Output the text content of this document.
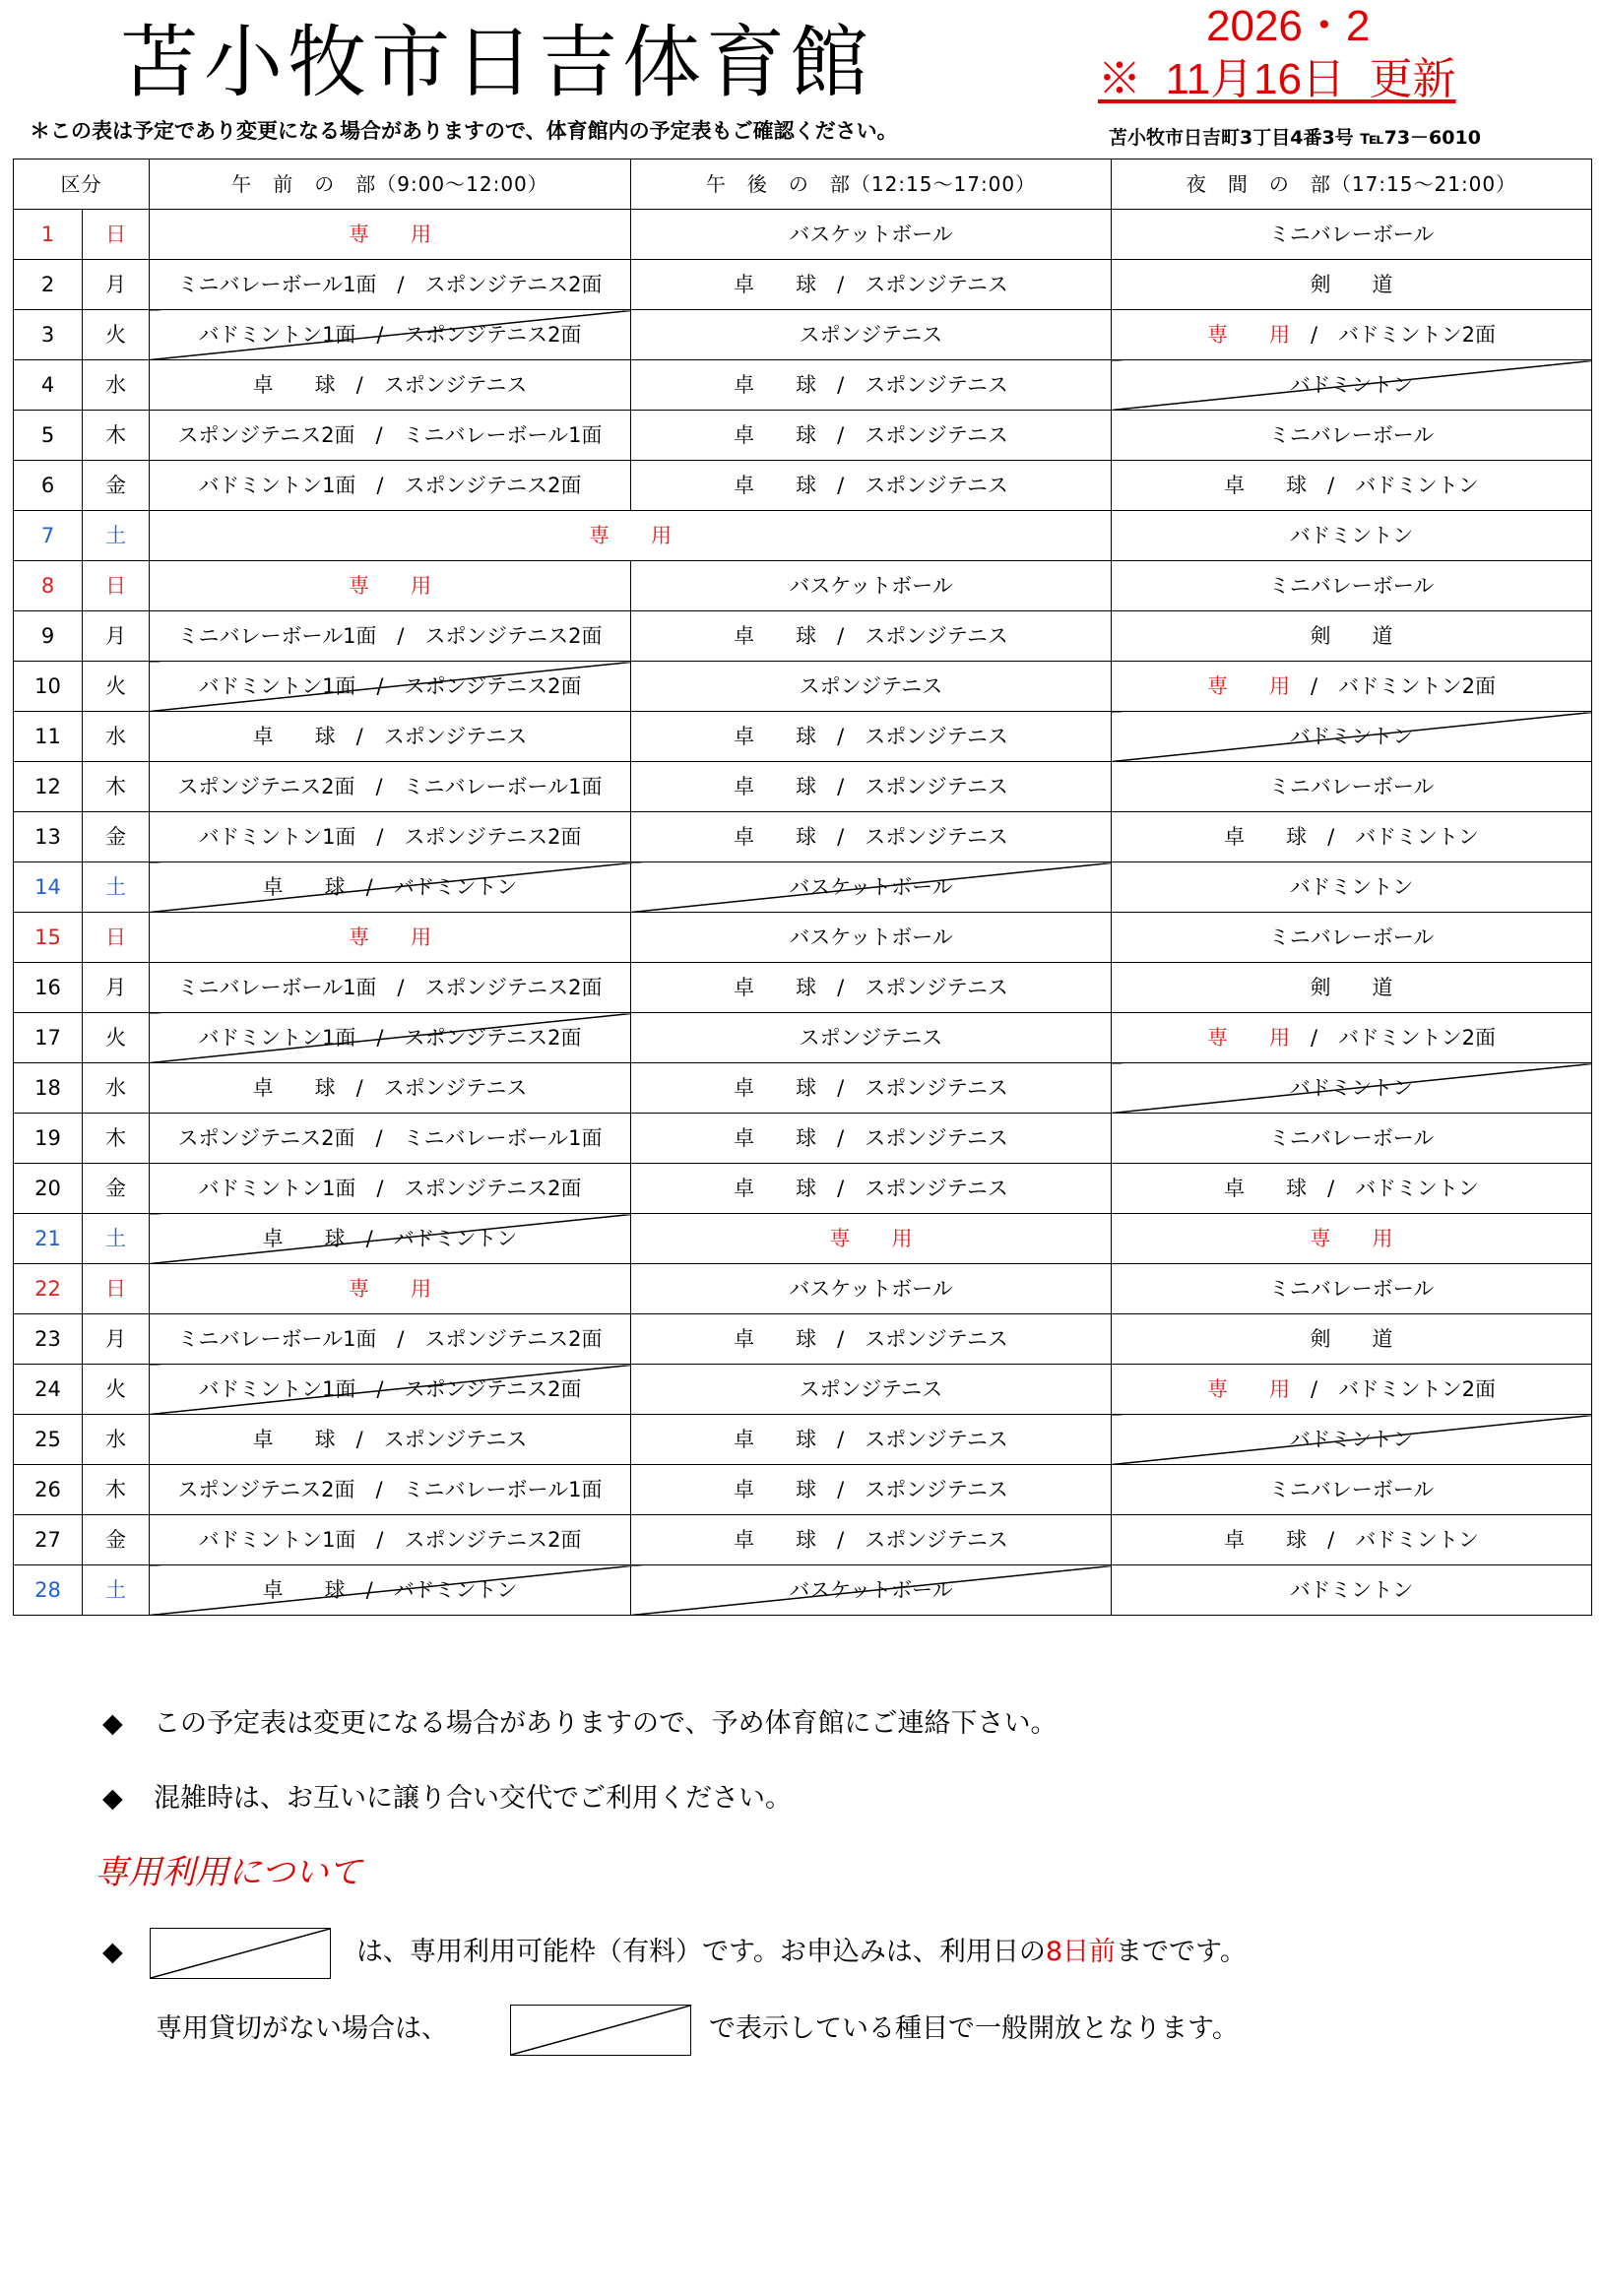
苫小牧市日吉体育館	2026・2
※  11月16日  更新
＊この表は予定であり変更になる場合がありますので、体育館内の予定表もご確認ください。	苫小牧市日吉町3丁目4番3号 ℡73－6010
区分		午　前　の　部（9:00～12:00）	午　後　の　部（12:15～17:00）	夜　間　の　部（17:15～21:00）
1	日	専　　用	バスケットボール	ミニバレーボール
2	月	ミニバレーボール1面　/　スポンジテニス2面	卓　　球　/　スポンジテニス	剣　　道
3	火	バドミントン1面　/　スポンジテニス2面	スポンジテニス	専　　用　/　バドミントン2面
4	水	卓　　球　/　スポンジテニス	卓　　球　/　スポンジテニス	バドミントン
5	木	スポンジテニス2面　/　ミニバレーボール1面	卓　　球　/　スポンジテニス	ミニバレーボール
6	金	バドミントン1面　/　スポンジテニス2面	卓　　球　/　スポンジテニス	卓　　球　/　バドミントン
7	土	専　　用		バドミントン
8	日	専　　用	バスケットボール	ミニバレーボール
9	月	ミニバレーボール1面　/　スポンジテニス2面	卓　　球　/　スポンジテニス	剣　　道
10	火	バドミントン1面　/　スポンジテニス2面	スポンジテニス	専　　用　/　バドミントン2面
11	水	卓　　球　/　スポンジテニス	卓　　球　/　スポンジテニス	バドミントン
12	木	スポンジテニス2面　/　ミニバレーボール1面	卓　　球　/　スポンジテニス	ミニバレーボール
13	金	バドミントン1面　/　スポンジテニス2面	卓　　球　/　スポンジテニス	卓　　球　/　バドミントン
14	土	卓　　球　/　バドミントン	バスケットボール	バドミントン
15	日	専　　用	バスケットボール	ミニバレーボール
16	月	ミニバレーボール1面　/　スポンジテニス2面	卓　　球　/　スポンジテニス	剣　　道
17	火	バドミントン1面　/　スポンジテニス2面	スポンジテニス	専　　用　/　バドミントン2面
18	水	卓　　球　/　スポンジテニス	卓　　球　/　スポンジテニス	バドミントン
19	木	スポンジテニス2面　/　ミニバレーボール1面	卓　　球　/　スポンジテニス	ミニバレーボール
20	金	バドミントン1面　/　スポンジテニス2面	卓　　球　/　スポンジテニス	卓　　球　/　バドミントン
21	土	卓　　球　/　バドミントン	専　　用	専　　用
22	日	専　　用	バスケットボール	ミニバレーボール
23	月	ミニバレーボール1面　/　スポンジテニス2面	卓　　球　/　スポンジテニス	剣　　道
24	火	バドミントン1面　/　スポンジテニス2面	スポンジテニス	専　　用　/　バドミントン2面
25	水	卓　　球　/　スポンジテニス	卓　　球　/　スポンジテニス	バドミントン
26	木	スポンジテニス2面　/　ミニバレーボール1面	卓　　球　/　スポンジテニス	ミニバレーボール
27	金	バドミントン1面　/　スポンジテニス2面	卓　　球　/　スポンジテニス	卓　　球　/　バドミントン
28	土	卓　　球　/　バドミントン	バスケットボール	バドミントン
◆ この予定表は変更になる場合がありますので、予め体育館にご連絡下さい。
◆ 混雑時は、お互いに譲り合い交代でご利用ください。
専用利用について
◆	は、専用利用可能枠（有料）です。お申込みは、利用日の8日前までです。
専用貸切がない場合は、	で表示している種目で一般開放となります。
